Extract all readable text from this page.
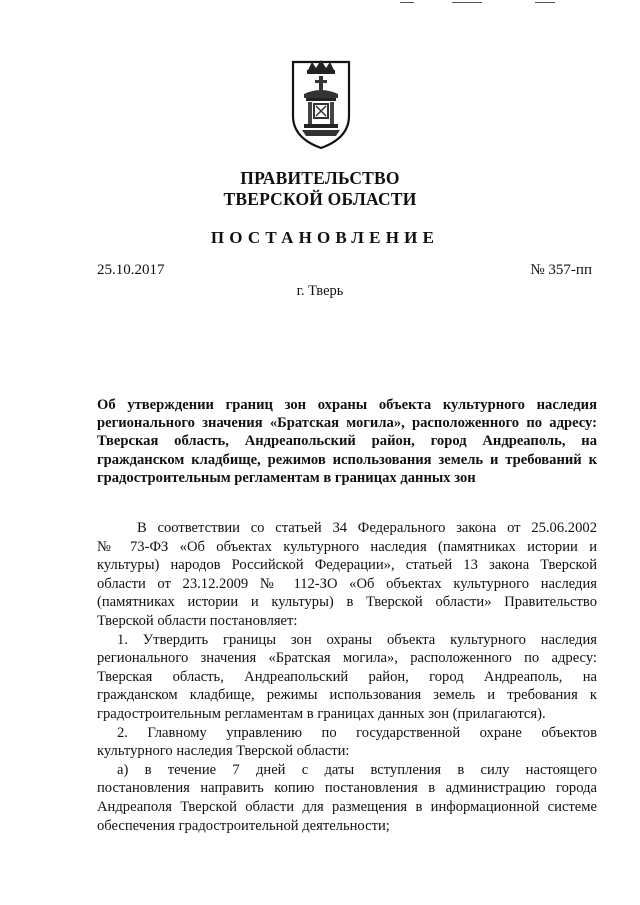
ПРАВИТЕЛЬСТВО
ТВЕРСКОЙ ОБЛАСТИ
ПОСТАНОВЛЕНИЕ
25.10.2017	№ 357-пп
г. Тверь
Об утверждении границ зон охраны объекта культурного наследия
регионального значения «Братская могила», расположенного по адресу:
Тверская область, Андреапольский район, город Андреаполь, на
гражданском кладбище, режимов использования земель и требований к
градостроительным регламентам в границах данных зон
В соответствии со статьей 34 Федерального закона от 25.06.2002
№ 73-ФЗ «Об объектах культурного наследия (памятниках истории и
культуры) народов Российской Федерации», статьей 13 закона Тверской
области от 23.12.2009 № 112-ЗО «Об объектах культурного наследия
(памятниках истории и культуры) в Тверской области» Правительство
Тверской области постановляет:
1. Утвердить границы зон охраны объекта культурного наследия
регионального значения «Братская могила», расположенного по адресу:
Тверская область, Андреапольский район, город Андреаполь, на
гражданском кладбище, режимы использования земель и требования к
градостроительным регламентам в границах данных зон (прилагаются).
2. Главному управлению по государственной охране объектов
культурного наследия Тверской области:
а) в течение 7 дней с даты вступления в силу настоящего
постановления направить копию постановления в администрацию города
Андреаполя Тверской области для размещения в информационной системе
обеспечения градостроительной деятельности;
